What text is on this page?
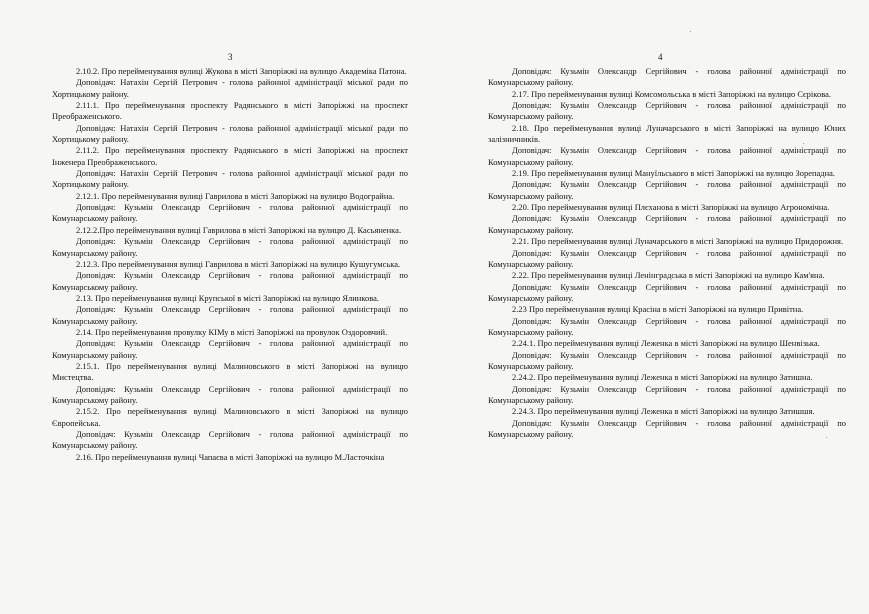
3

2.10.2. Про перейменування вулиці Жукова в місті Запоріжжі на вулицю Академіка Патона.

Доповідач: Натахін Сергій Петрович - голова районної адміністрації міської ради по Хортицькому району.

2.11.1. Про перейменування проспекту Радянського в місті Запоріжжі на проспект Преображенського.

Доповідач: Натахін Сергій Петрович - голова районної адміністрації міської ради по Хортицькому району.

2.11.2. Про перейменування проспекту Радянського в місті Запоріжжі на проспект Інженера Преображенського.

Доповідач: Натахін Сергій Петрович - голова районної адміністрації міської ради по Хортицькому району.

2.12.1. Про перейменування вулиці Гаврилова в місті Запоріжжі на вулицю Водограйна.

Доповідач: Кузьмін Олександр Сергійович - голова районної адміністрації по Комунарському району.

2.12.2.Про перейменування вулиці Гаврилова в місті Запоріжжі на вулицю Д. Касьяненка.

Доповідач: Кузьмін Олександр Сергійович - голова районної адміністрації по Комунарському району.

2.12.3. Про перейменування вулиці Гаврилова в місті Запоріжжі на вулицю Кушугумська.

Доповідач: Кузьмін Олександр Сергійович - голова районної адміністрації по Комунарському району.

2.13. Про перейменування вулиці Крупської в місті Запоріжжі на вулицю Ялинкова.

Доповідач: Кузьмін Олександр Сергійович - голова районної адміністрації по Комунарському району.

2.14. Про перейменування провулку КІМу в місті Запоріжжі на провулок Оздоровчий.

Доповідач: Кузьмін Олександр Сергійович - голова районної адміністрації по Комунарському району.

2.15.1. Про перейменування вулиці Малиновського в місті Запоріжжі на вулицю Мистецтва.

Доповідач: Кузьмін Олександр Сергійович - голова районної адміністрації по Комунарському району.

2.15.2. Про перейменування вулиці Малиновського в місті Запоріжжі на вулицю Європейська.

Доповідач: Кузьмін Олександр Сергійович - голова районної адміністрації по Комунарському району.

2.16. Про перейменування вулиці Чапаєва в місті Запоріжжі на вулицю М.Ласточкіна

4

Доповідач: Кузьмін Олександр Сергійович - голова районної адміністрації по Комунарському району.

2.17. Про перейменування вулиці Комсомольська в місті Запоріжжі на вулицю Сєрікова.

Доповідач: Кузьмін Олександр Сергійович - голова районної адміністрації по Комунарському району.

2.18. Про перейменування вулиці Луначарського в місті Запоріжжі на вулицю Юних залізничників.

Доповідач: Кузьмін Олександр Сергійович - голова районної адміністрації по Комунарському району.

2.19. Про перейменування вулиці Мануїльського в місті Запоріжжі на вулицю Зорепадна.

Доповідач: Кузьмін Олександр Сергійович - голова районної адміністрації по Комунарському району.

2.20. Про перейменування вулиці Плєханова в місті Запоріжжі на вулицю Агрономічна.

Доповідач: Кузьмін Олександр Сергійович - голова районної адміністрації по Комунарському району.

2.21. Про перейменування вулиці Луначарського в місті Запоріжжі на вулицю Придорожня.

Доповідач: Кузьмін Олександр Сергійович - голова районної адміністрації по Комунарському району.

2.22. Про перейменування вулиці Ленінградська в місті Запоріжжі на вулицю Кам'яна.

Доповідач: Кузьмін Олександр Сергійович - голова районної адміністрації по Комунарському району.

2.23 Про перейменування вулиці Красіна в місті Запоріжжі на вулицю Привітна.

Доповідач: Кузьмін Олександр Сергійович - голова районної адміністрації по Комунарському району.

2.24.1. Про перейменування вулиці Леженка в місті Запоріжжі на вулицю Шенвізька.

Доповідач: Кузьмін Олександр Сергійович - голова районної адміністрації по Комунарському району.

2.24.2. Про перейменування вулиці Леженка в місті Запоріжжі на вулицю Затишна.

Доповідач: Кузьмін Олександр Сергійович - голова районної адміністрації по Комунарському району.

2.24.3. Про перейменування вулиці Леженка в місті Запоріжжі на вулицю Затишшя.

Доповідач: Кузьмін Олександр Сергійович - голова районної адміністрації по Комунарському району.
